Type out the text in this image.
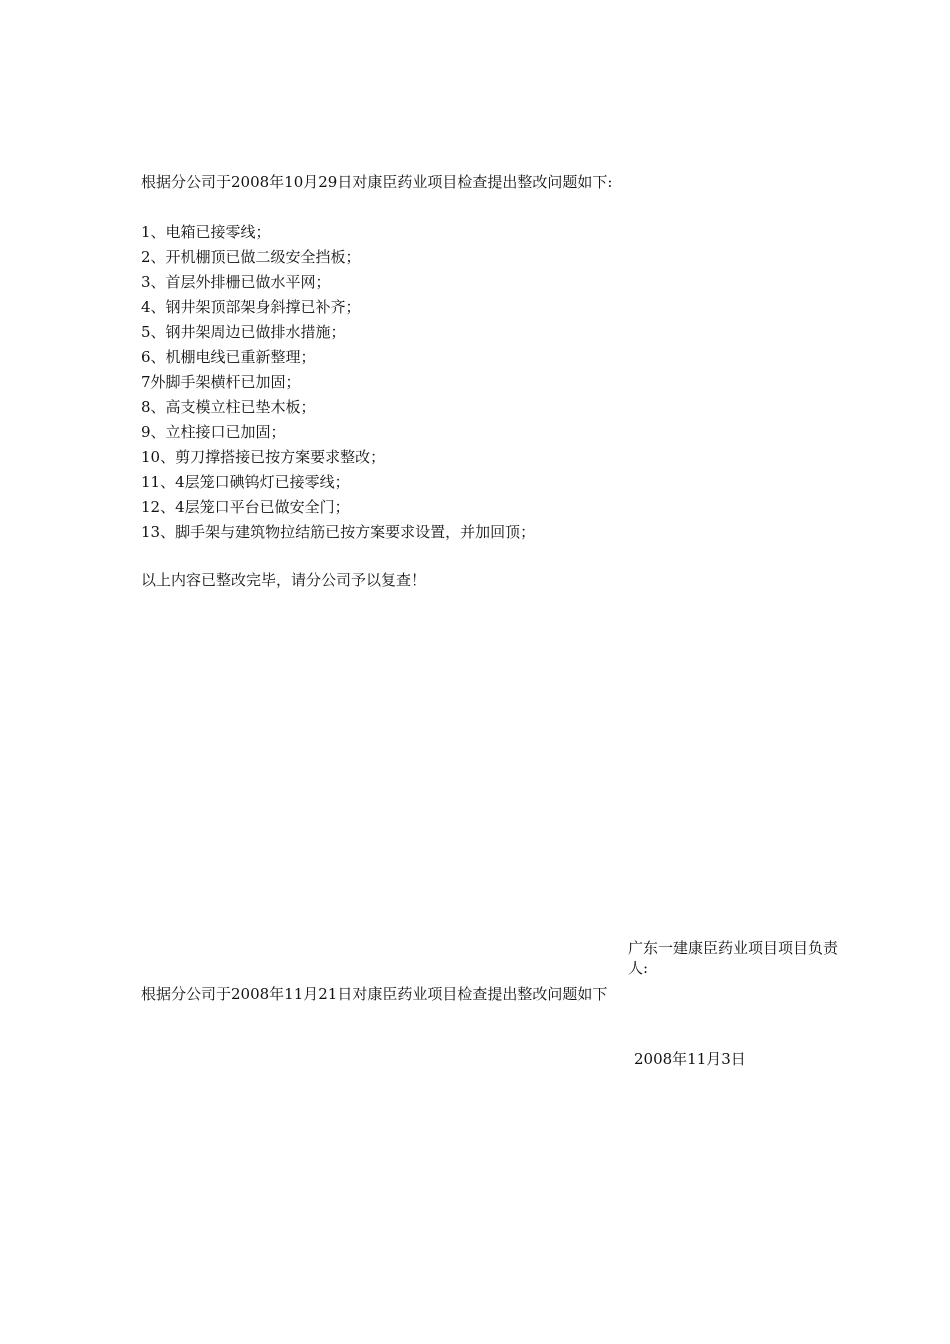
根据分公司于2008年10月29日对康臣药业项目检查提出整改问题如下:
1、电箱已接零线；
2、开机棚顶已做二级安全挡板；
3、首层外排栅已做水平网；
4、钢井架顶部架身斜撑已补齐；
5、钢井架周边已做排水措施；
6、机棚电线已重新整理；
7外脚手架横杆已加固；
8、高支模立柱已垫木板；
9、立柱接口已加固；
10、剪刀撑搭接已按方案要求整改；
11、4层笼口碘钨灯已接零线；
12、4层笼口平台已做安全门；
13、脚手架与建筑物拉结筋已按方案要求设置，并加回顶；
以上内容已整改完毕，请分公司予以复查！
广东一建康臣药业项目项目负责人:
根据分公司于2008年11月21日对康臣药业项目检查提出整改问题如下
2008年11月3日
